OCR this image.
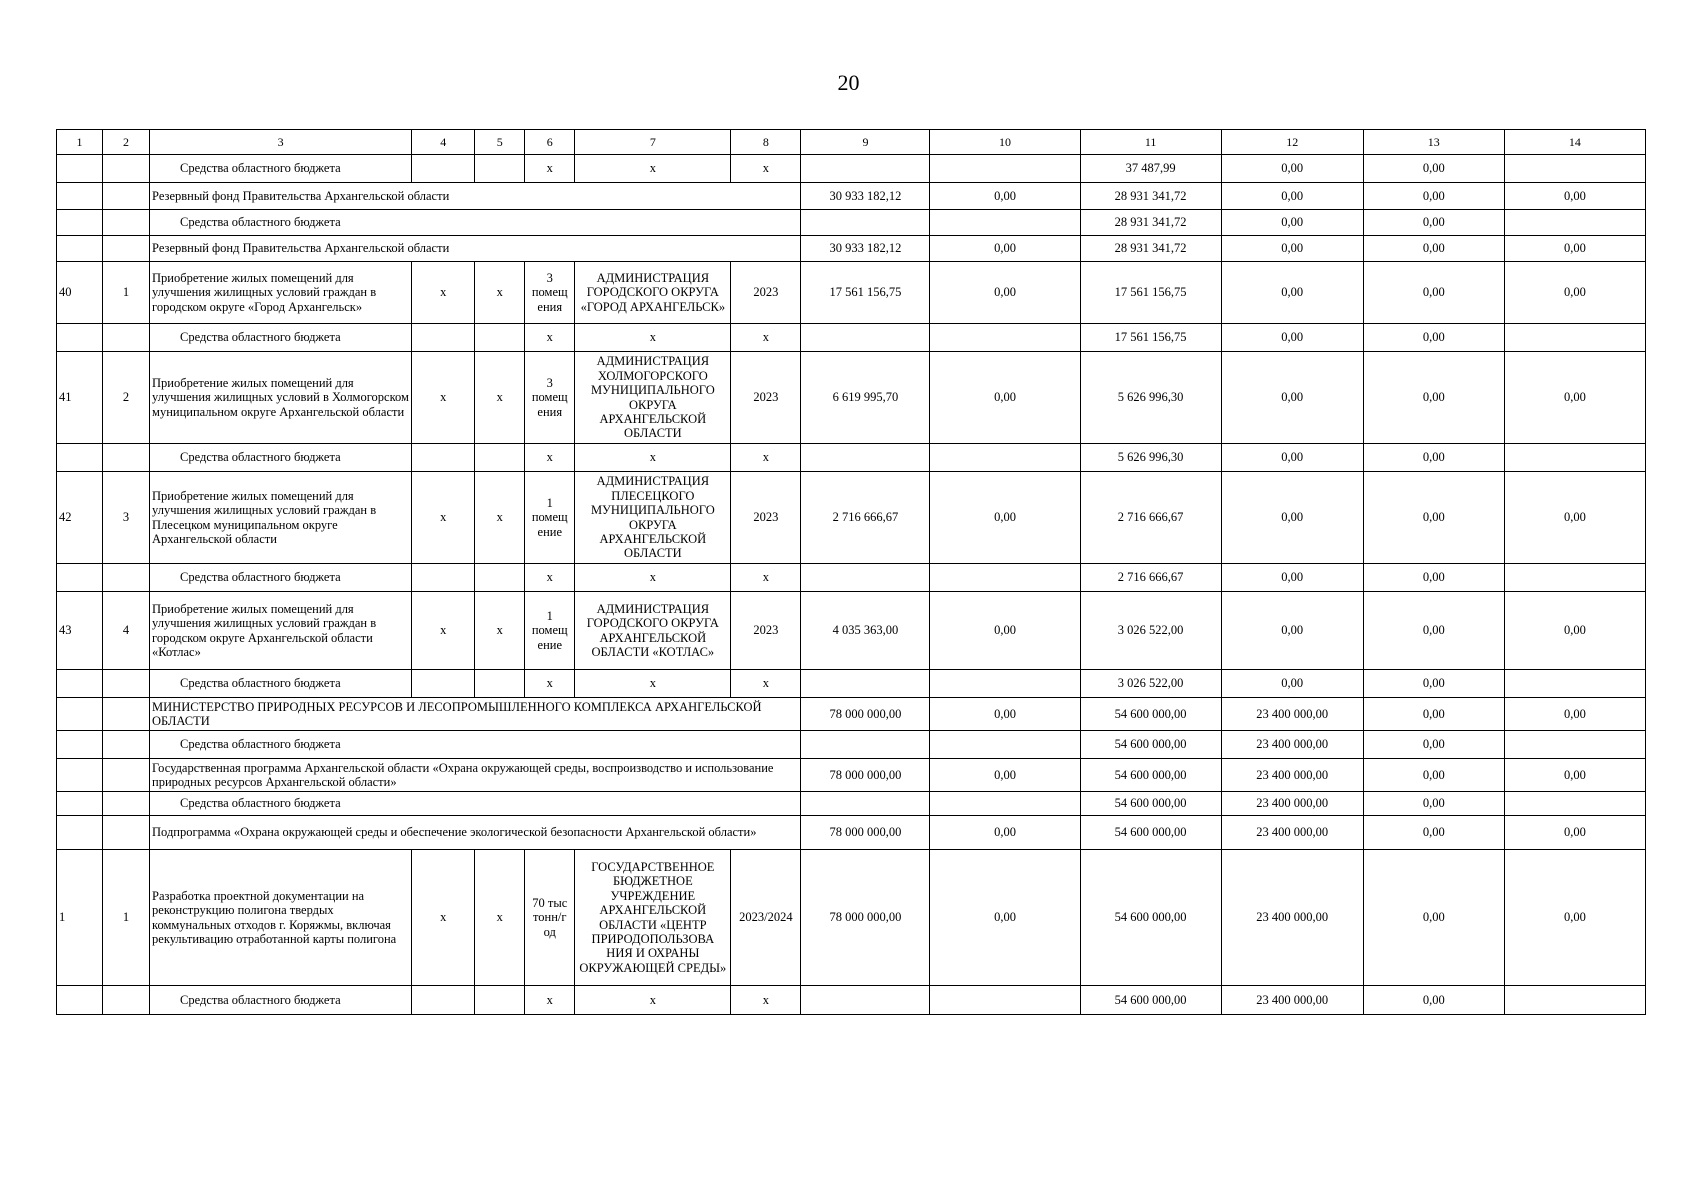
20
1	2	3	4	5	6	7	8	9	10	11	12	13	14
		Средства областного бюджета			х	х	х			37 487,99	0,00	0,00	
		Резервный фонд Правительства Архангельской области						30 933 182,12	0,00	28 931 341,72	0,00	0,00	0,00
		Средства областного бюджета								28 931 341,72	0,00	0,00	
		Резервный фонд Правительства Архангельской области						30 933 182,12	0,00	28 931 341,72	0,00	0,00	0,00
40	1	Приобретение жилых помещений для улучшения жилищных условий граждан в городском округе «Город Архангельск»	х	х	3 помещ ения	АДМИНИСТРАЦИЯ ГОРОДСКОГО ОКРУГА «ГОРОД АРХАНГЕЛЬСК»	2023	17 561 156,75	0,00	17 561 156,75	0,00	0,00	0,00
		Средства областного бюджета			х	х	х			17 561 156,75	0,00	0,00	
41	2	Приобретение жилых помещений для улучшения жилищных условий в Холмогорском муниципальном округе Архангельской области	х	х	3 помещ ения	АДМИНИСТРАЦИЯ ХОЛМОГОРСКОГО МУНИЦИПАЛЬНОГО ОКРУГА АРХАНГЕЛЬСКОЙ ОБЛАСТИ	2023	6 619 995,70	0,00	5 626 996,30	0,00	0,00	0,00
		Средства областного бюджета			х	х	х			5 626 996,30	0,00	0,00	
42	3	Приобретение жилых помещений для улучшения жилищных условий граждан в Плесецком муниципальном округе Архангельской области	х	х	1 помещ ение	АДМИНИСТРАЦИЯ ПЛЕСЕЦКОГО МУНИЦИПАЛЬНОГО ОКРУГА АРХАНГЕЛЬСКОЙ ОБЛАСТИ	2023	2 716 666,67	0,00	2 716 666,67	0,00	0,00	0,00
		Средства областного бюджета			х	х	х			2 716 666,67	0,00	0,00	
43	4	Приобретение жилых помещений для улучшения жилищных условий граждан в городском округе Архангельской области «Котлас»	х	х	1 помещ ение	АДМИНИСТРАЦИЯ ГОРОДСКОГО ОКРУГА АРХАНГЕЛЬСКОЙ ОБЛАСТИ «КОТЛАС»	2023	4 035 363,00	0,00	3 026 522,00	0,00	0,00	0,00
		Средства областного бюджета			х	х	х			3 026 522,00	0,00	0,00	
		МИНИСТЕРСТВО ПРИРОДНЫХ РЕСУРСОВ И ЛЕСОПРОМЫШЛЕННОГО КОМПЛЕКСА АРХАНГЕЛЬСКОЙ ОБЛАСТИ						78 000 000,00	0,00	54 600 000,00	23 400 000,00	0,00	0,00
		Средства областного бюджета								54 600 000,00	23 400 000,00	0,00	
		Государственная программа Архангельской области «Охрана окружающей среды, воспроизводство и использование природных ресурсов Архангельской области»						78 000 000,00	0,00	54 600 000,00	23 400 000,00	0,00	0,00
		Средства областного бюджета								54 600 000,00	23 400 000,00	0,00	
		Подпрограмма «Охрана окружающей среды и обеспечение экологической безопасности Архангельской области»						78 000 000,00	0,00	54 600 000,00	23 400 000,00	0,00	0,00
1	1	Разработка проектной документации на реконструкцию полигона твердых коммунальных отходов г. Коряжмы, включая рекультивацию отработанной карты полигона	х	х	70 тыс тонн/г од	ГОСУДАРСТВЕННОЕ БЮДЖЕТНОЕ УЧРЕЖДЕНИЕ АРХАНГЕЛЬСКОЙ ОБЛАСТИ «ЦЕНТР ПРИРОДОПОЛЬЗОВА НИЯ И ОХРАНЫ ОКРУЖАЮЩЕЙ СРЕДЫ»	2023/2024	78 000 000,00	0,00	54 600 000,00	23 400 000,00	0,00	0,00
		Средства областного бюджета			х	х	х			54 600 000,00	23 400 000,00	0,00	
